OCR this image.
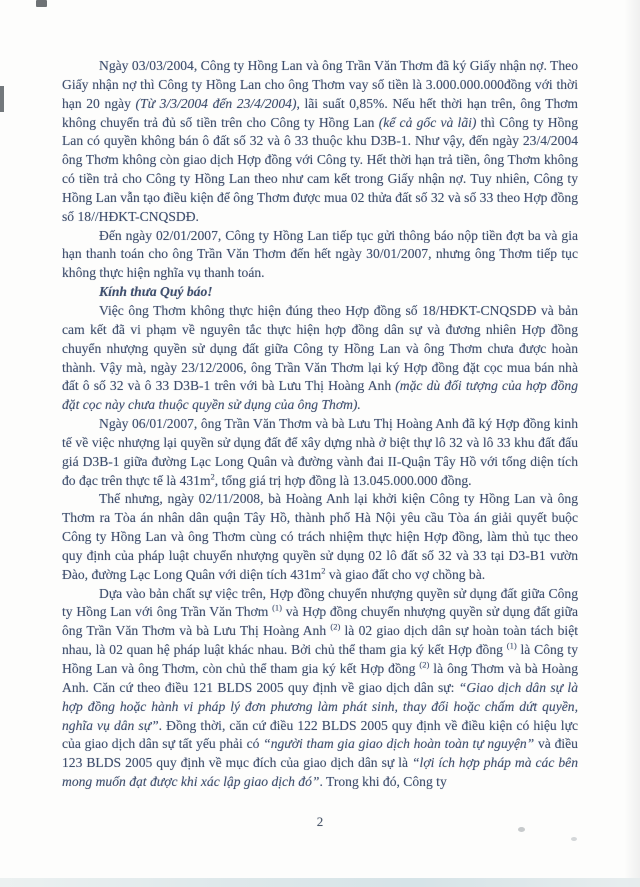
Ngày 03/03/2004, Công ty Hồng Lan và ông Trần Văn Thơm đã ký Giấy nhận nợ. Theo Giấy nhận nợ thì Công ty Hồng Lan cho ông Thơm vay số tiền là 3.000.000.000đồng với thời hạn 20 ngày (Từ 3/3/2004 đến 23/4/2004), lãi suất 0,85%. Nếu hết thời hạn trên, ông Thơm không chuyển trả đủ số tiền trên cho Công ty Hồng Lan (kể cả gốc và lãi) thì Công ty Hồng Lan có quyền không bán ô đất số 32 và ô 33 thuộc khu D3B-1. Như vậy, đến ngày 23/4/2004 ông Thơm không còn giao dịch Hợp đồng với Công ty. Hết thời hạn trả tiền, ông Thơm không có tiền trả cho Công ty Hồng Lan theo như cam kết trong Giấy nhận nợ. Tuy nhiên, Công ty Hồng Lan vẫn tạo điều kiện để ông Thơm được mua 02 thửa đất số 32 và số 33 theo Hợp đồng số 18//HĐKT-CNQSDĐ.

Đến ngày 02/01/2007, Công ty Hồng Lan tiếp tục gửi thông báo nộp tiền đợt ba và gia hạn thanh toán cho ông Trần Văn Thơm đến hết ngày 30/01/2007, nhưng ông Thơm tiếp tục không thực hiện nghĩa vụ thanh toán.

Kính thưa Quý báo!

Việc ông Thơm không thực hiện đúng theo Hợp đồng số 18/HĐKT-CNQSDĐ và bản cam kết đã vi phạm về nguyên tắc thực hiện hợp đồng dân sự và đương nhiên Hợp đồng chuyển nhượng quyền sử dụng đất giữa Công ty Hồng Lan và ông Thơm chưa được hoàn thành. Vậy mà, ngày 23/12/2006, ông Trần Văn Thơm lại ký Hợp đồng đặt cọc mua bán nhà đất ô số 32 và ô 33 D3B-1 trên với bà Lưu Thị Hoàng Anh (mặc dù đối tượng của hợp đồng đặt cọc này chưa thuộc quyền sử dụng của ông Thơm).

Ngày 06/01/2007, ông Trần Văn Thơm và bà Lưu Thị Hoàng Anh đã ký Hợp đồng kinh tế về việc nhượng lại quyền sử dụng đất để xây dựng nhà ở biệt thự lô 32 và lô 33 khu đất đấu giá D3B-1 giữa đường Lạc Long Quân và đường vành đai II-Quận Tây Hồ với tổng diện tích đo đạc trên thực tế là $431m^2$, tổng giá trị hợp đồng là 13.045.000.000 đồng.

Thế nhưng, ngày 02/11/2008, bà Hoàng Anh lại khởi kiện Công ty Hồng Lan và ông Thơm ra Tòa án nhân dân quận Tây Hồ, thành phố Hà Nội yêu cầu Tòa án giải quyết buộc Công ty Hồng Lan và ông Thơm cùng có trách nhiệm thực hiện Hợp đồng, làm thủ tục theo quy định của pháp luật chuyển nhượng quyền sử dụng 02 lô đất số 32 và 33 tại D3-B1 vườn Đào, đường Lạc Long Quân với diện tích $431m^2$ và giao đất cho vợ chồng bà.

Dựa vào bản chất sự việc trên, Hợp đồng chuyển nhượng quyền sử dụng đất giữa Công ty Hồng Lan với ông Trần Văn Thơm $^{(1)}$ và Hợp đồng chuyển nhượng quyền sử dụng đất giữa ông Trần Văn Thơm và bà Lưu Thị Hoàng Anh $^{(2)}$ là 02 giao dịch dân sự hoàn toàn tách biệt nhau, là 02 quan hệ pháp luật khác nhau. Bởi chủ thể tham gia ký kết Hợp đồng $^{(1)}$ là Công ty Hồng Lan và ông Thơm, còn chủ thể tham gia ký kết Hợp đồng $^{(2)}$ là ông Thơm và bà Hoàng Anh. Căn cứ theo điều 121 BLDS 2005 quy định về giao dịch dân sự: “Giao dịch dân sự là hợp đồng hoặc hành vi pháp lý đơn phương làm phát sinh, thay đổi hoặc chấm dứt quyền, nghĩa vụ dân sự”. Đồng thời, căn cứ điều 122 BLDS 2005 quy định về điều kiện có hiệu lực của giao dịch dân sự tất yếu phải có “người tham gia giao dịch hoàn toàn tự nguyện” và điều 123 BLDS 2005 quy định về mục đích của giao dịch dân sự là “lợi ích hợp pháp mà các bên mong muốn đạt được khi xác lập giao dịch đó”. Trong khi đó, Công ty

2
